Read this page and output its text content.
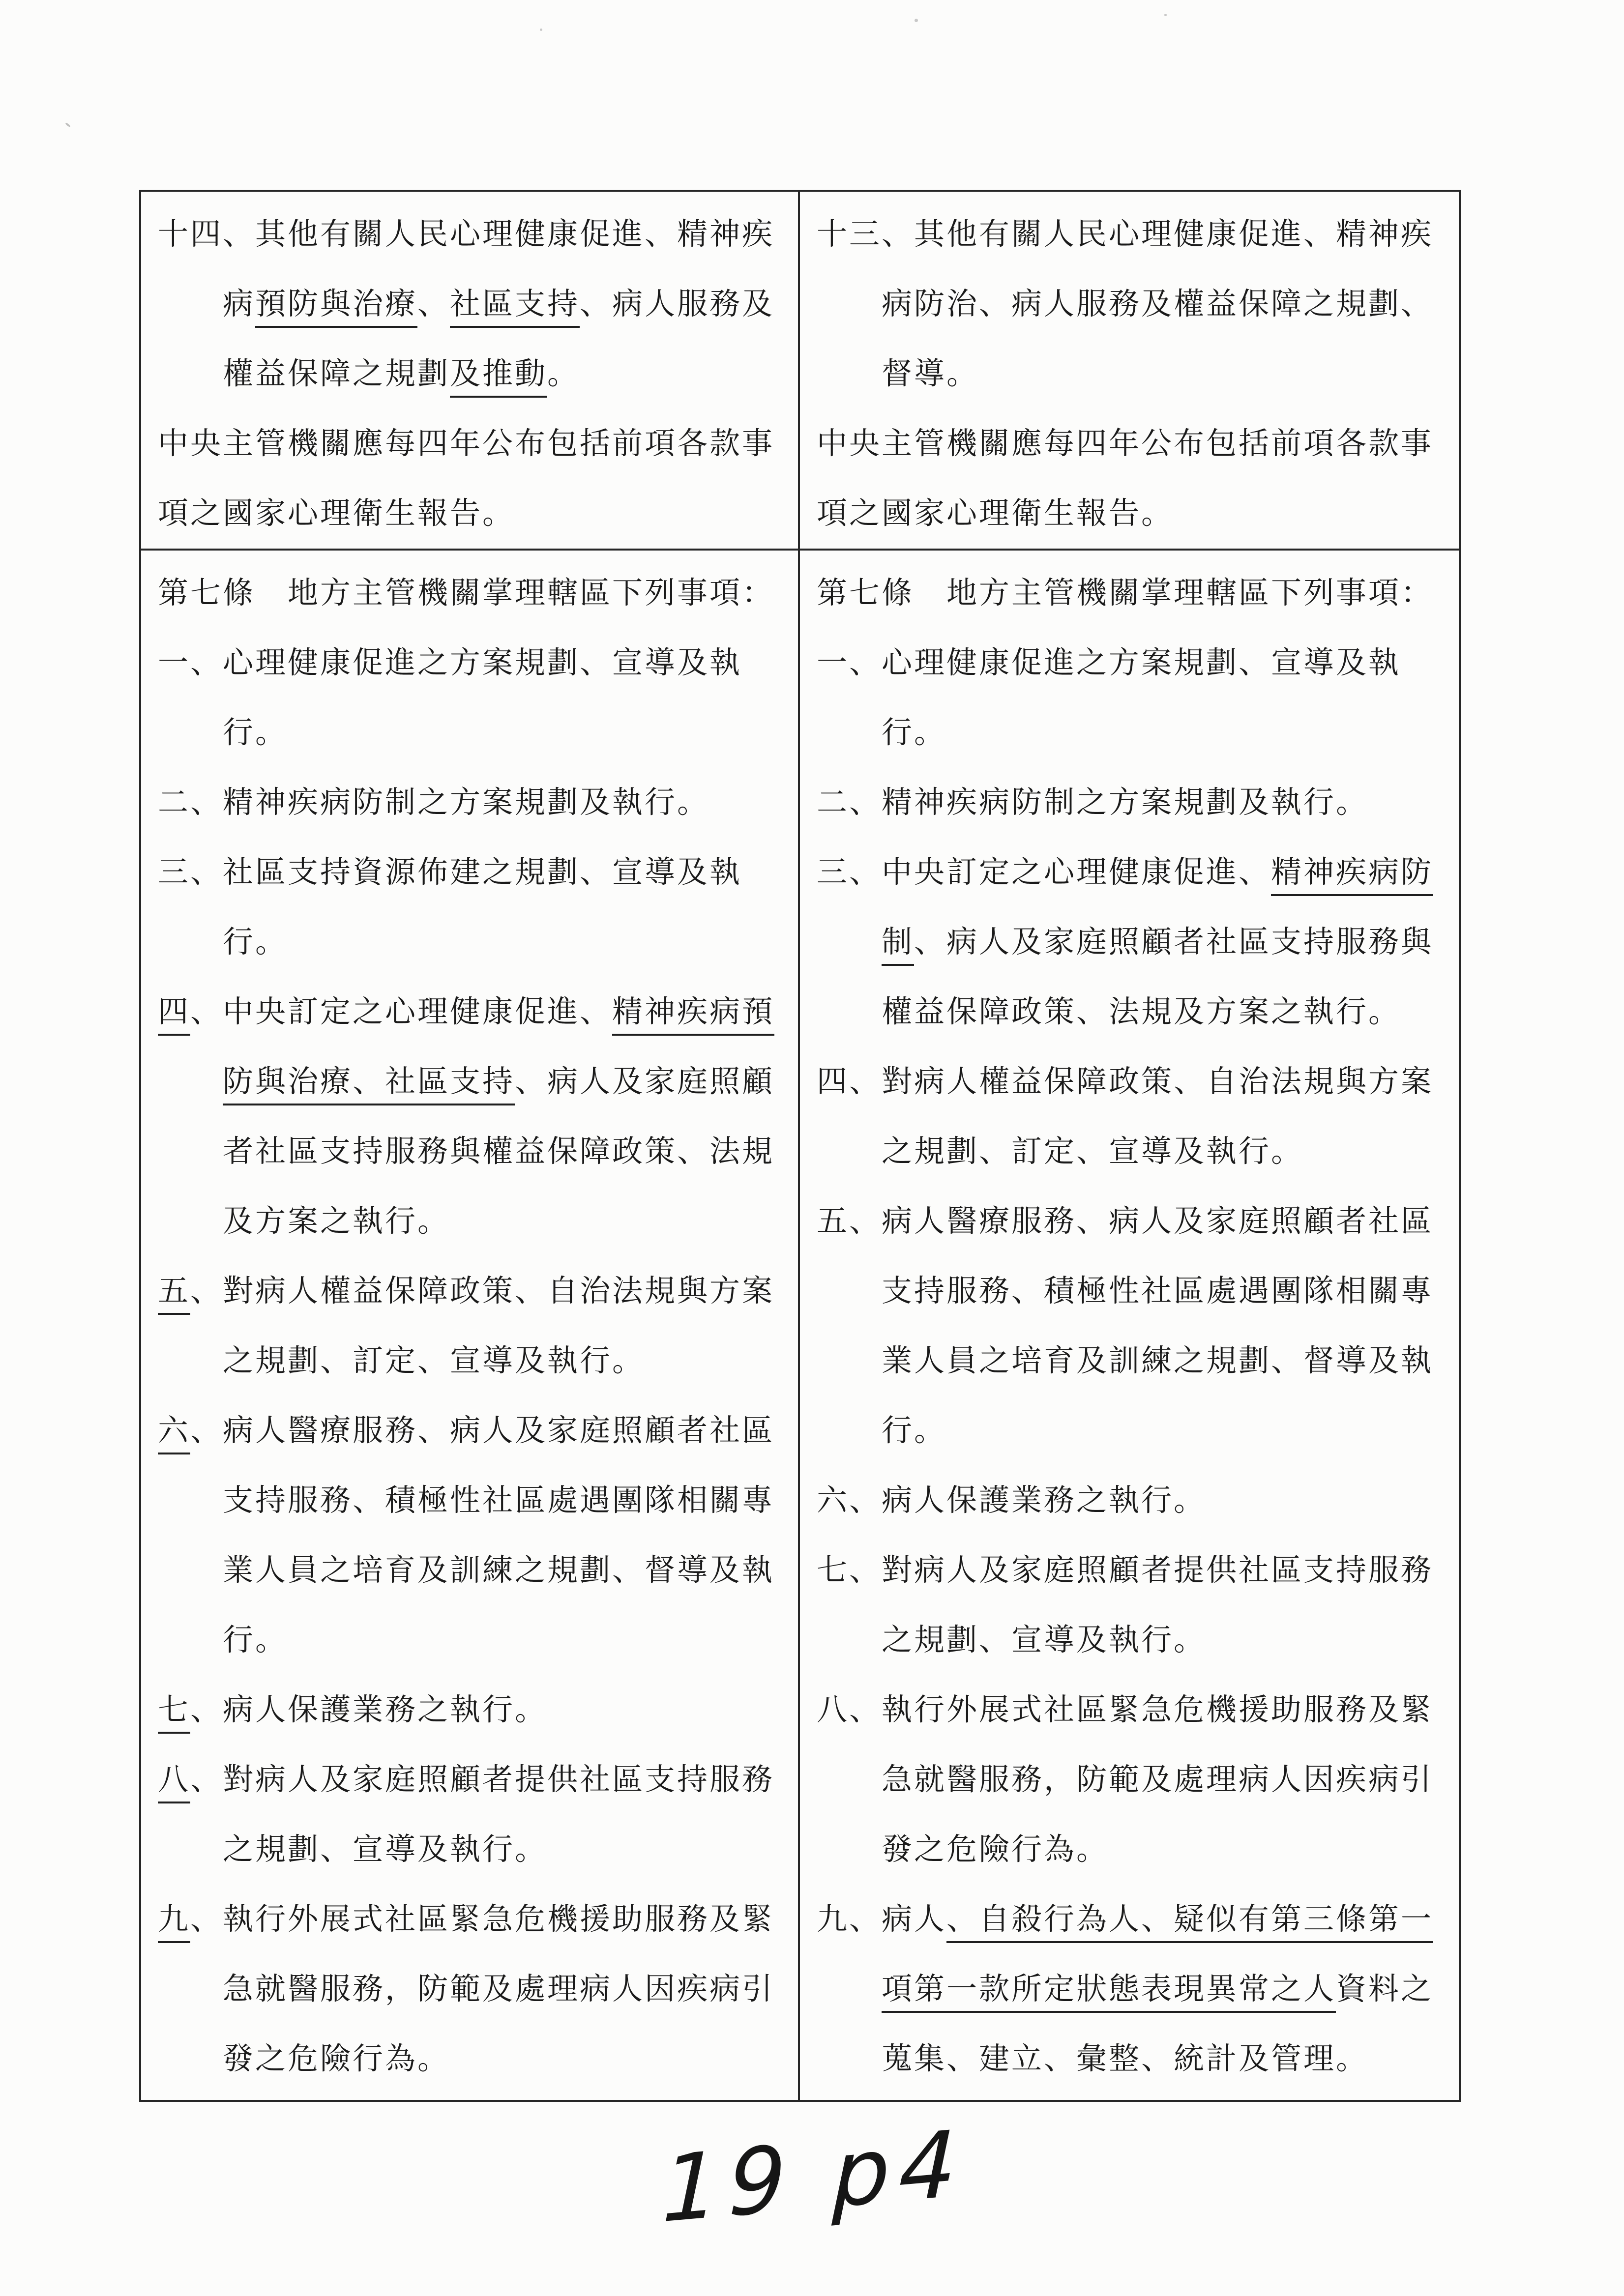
十四、其他有關人民心理健康促進、精神疾病預防與治療、社區支持、病人服務及權益保障之規劃及推動。

中央主管機關應每四年公布包括前項各款事項之國家心理衛生報告。

十三、其他有關人民心理健康促進、精神疾病防治、病人服務及權益保障之規劃、督導。

中央主管機關應每四年公布包括前項各款事項之國家心理衛生報告。

第七條　地方主管機關掌理轄區下列事項：

一、心理健康促進之方案規劃、宣導及執行。

二、精神疾病防制之方案規劃及執行。

三、社區支持資源佈建之規劃、宣導及執行。

四、中央訂定之心理健康促進、精神疾病預防與治療、社區支持、病人及家庭照顧者社區支持服務與權益保障政策、法規及方案之執行。

五、對病人權益保障政策、自治法規與方案之規劃、訂定、宣導及執行。

六、病人醫療服務、病人及家庭照顧者社區支持服務、積極性社區處遇團隊相關專業人員之培育及訓練之規劃、督導及執行。

七、病人保護業務之執行。

八、對病人及家庭照顧者提供社區支持服務之規劃、宣導及執行。

九、執行外展式社區緊急危機援助服務及緊急就醫服務，防範及處理病人因疾病引發之危險行為。

第七條　地方主管機關掌理轄區下列事項：

一、心理健康促進之方案規劃、宣導及執行。

二、精神疾病防制之方案規劃及執行。

三、中央訂定之心理健康促進、精神疾病防制、病人及家庭照顧者社區支持服務與權益保障政策、法規及方案之執行。

四、對病人權益保障政策、自治法規與方案之規劃、訂定、宣導及執行。

五、病人醫療服務、病人及家庭照顧者社區支持服務、積極性社區處遇團隊相關專業人員之培育及訓練之規劃、督導及執行。

六、病人保護業務之執行。

七、對病人及家庭照顧者提供社區支持服務之規劃、宣導及執行。

八、執行外展式社區緊急危機援助服務及緊急就醫服務，防範及處理病人因疾病引發之危險行為。

九、病人、自殺行為人、疑似有第三條第一項第一款所定狀態表現異常之人資料之蒐集、建立、彙整、統計及管理。

19 p4
